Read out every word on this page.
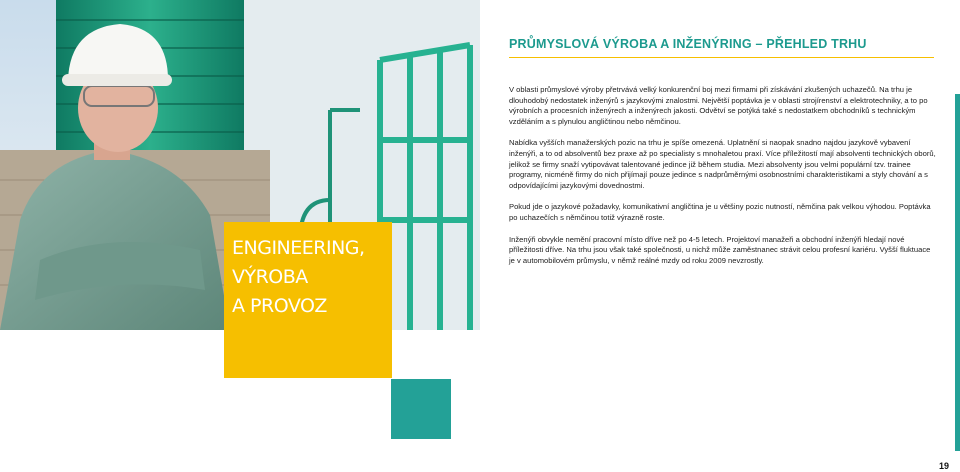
ENGINEERING,
VÝROBA
A PROVOZ
PRŮMYSLOVÁ VÝROBA A INŽENÝRING – PŘEHLED TRHU

V oblasti průmyslové výroby přetrvává velký konkurenční boj mezi firmami při získávání zkušených uchazečů. Na trhu je dlouhodobý nedostatek inženýrů s jazykovými znalostmi. Největší poptávka je v oblasti strojírenství a elektrotechniky, a to po výrobních a procesních inženýrech a inženýrech jakosti. Odvětví se potýká také s nedostatkem obchodníků s technickým vzděláním a s plynulou angličtinou nebo němčinou.

Nabídka vyšších manažerských pozic na trhu je spíše omezená. Uplatnění si naopak snadno najdou jazykově vybavení inženýři, a to od absolventů bez praxe až po specialisty s mnohaletou praxí. Více příležitostí mají absolventi technických oborů, jelikož se firmy snaží vytipovávat talentované jedince již během studia. Mezi absolventy jsou velmi populární tzv. trainee programy, nicméně firmy do nich přijímají pouze jedince s nadprůměrnými osobnostními charakteristikami a styly chování a s odpovídajícími jazykovými dovednostmi.

Pokud jde o jazykové požadavky, komunikativní angličtina je u většiny pozic nutností, němčina pak velkou výhodou. Poptávka po uchazečích s němčinou totiž výrazně roste.

Inženýři obvykle nemění pracovní místo dříve než po 4-5 letech. Projektoví manažeři a obchodní inženýři hledají nové příležitosti dříve. Na trhu jsou však také společnosti, u nichž může zaměstnanec strávit celou profesní kariéru. Vyšší fluktuace je v automobilovém průmyslu, v němž reálné mzdy od roku 2009 nevzrostly.

19
